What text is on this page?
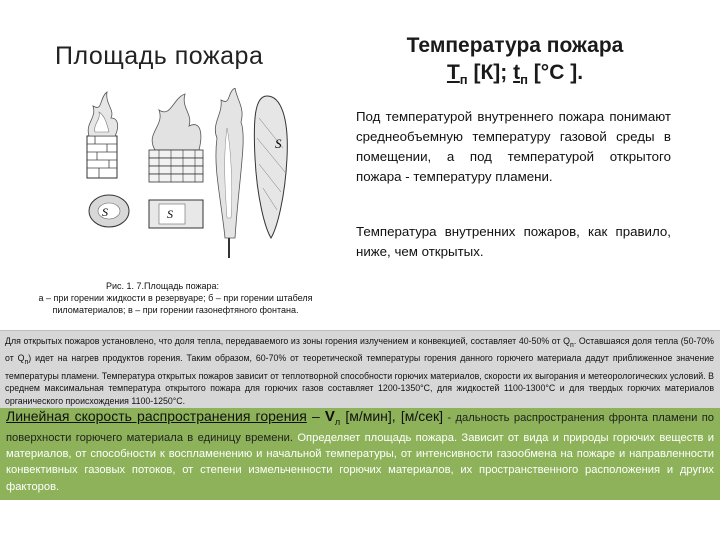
Площадь пожара	Температура пожара
$Т_п$ [К]; $t_п$ [°С ].
Под температурой внутреннего пожара понимают среднеобъемную температуру газовой среды в помещении, а под температурой открытого пожара - температуру пламени.
Температура внутренних пожаров, как правило, ниже, чем открытых.
S	S
S
Рис. 1. 7.Площадь пожара:
а – при горении жидкости в резервуаре; б – при горении штабеля пиломатериалов; в – при горении газонефтяного фонтана.

Для открытых пожаров установлено, что доля тепла, передаваемого из зоны горения излучением и конвекцией, составляет 40-50% от $Q_п$. Оставшаяся доля тепла (50-70% от $Q_п$) идет на нагрев продуктов горения. Таким образом, 60-70% от теоретической температуры горения данного горючего материала дадут приближенное значение температуры пламени. Температура открытых пожаров зависит от теплотворной способности горючих материалов, скорости их выгорания и метеорологических условий. В среднем максимальная температура открытого пожара для горючих газов составляет 1200-1350°С, для жидкостей 1100-1300°С и для твердых горючих материалов органического происхождения 1100-1250°С.

Линейная скорость распространения горения – $V_л$ [м/мин], [м/сек] - дальность распространения фронта пламени по поверхности горючего материала в единицу времени. Определяет площадь пожара. Зависит от вида и природы горючих веществ и материалов, от способности к воспламенению и начальной температуры, от интенсивности газообмена на пожаре и направленности конвективных газовых потоков, от степени измельченности горючих материалов, их пространственного расположения и других факторов.
